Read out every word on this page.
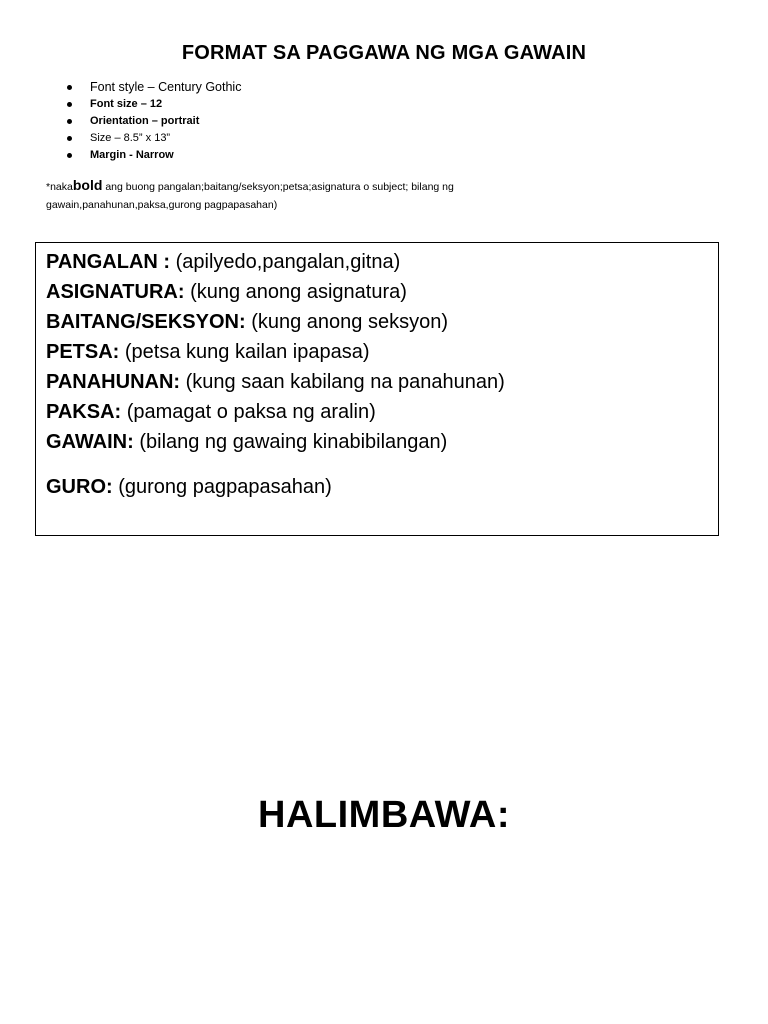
FORMAT SA PAGGAWA NG MGA GAWAIN
Font style – Century Gothic
Font size – 12
Orientation – portrait
Size – 8.5” x 13”
Margin - Narrow
*nakabold ang buong pangalan;baitang/seksyon;petsa;asignatura o subject; bilang ng gawain,panahunan,paksa,gurong pagpapasahan)
PANGALAN : (apilyedo,pangalan,gitna)
ASIGNATURA: (kung anong asignatura)
BAITANG/SEKSYON: (kung anong seksyon)
PETSA: (petsa kung kailan ipapasa)
PANAHUNAN: (kung saan kabilang na panahunan)
PAKSA: (pamagat o paksa ng aralin)
GAWAIN: (bilang ng gawaing kinabibilangan)
GURO: (gurong pagpapasahan)
HALIMBAWA:
